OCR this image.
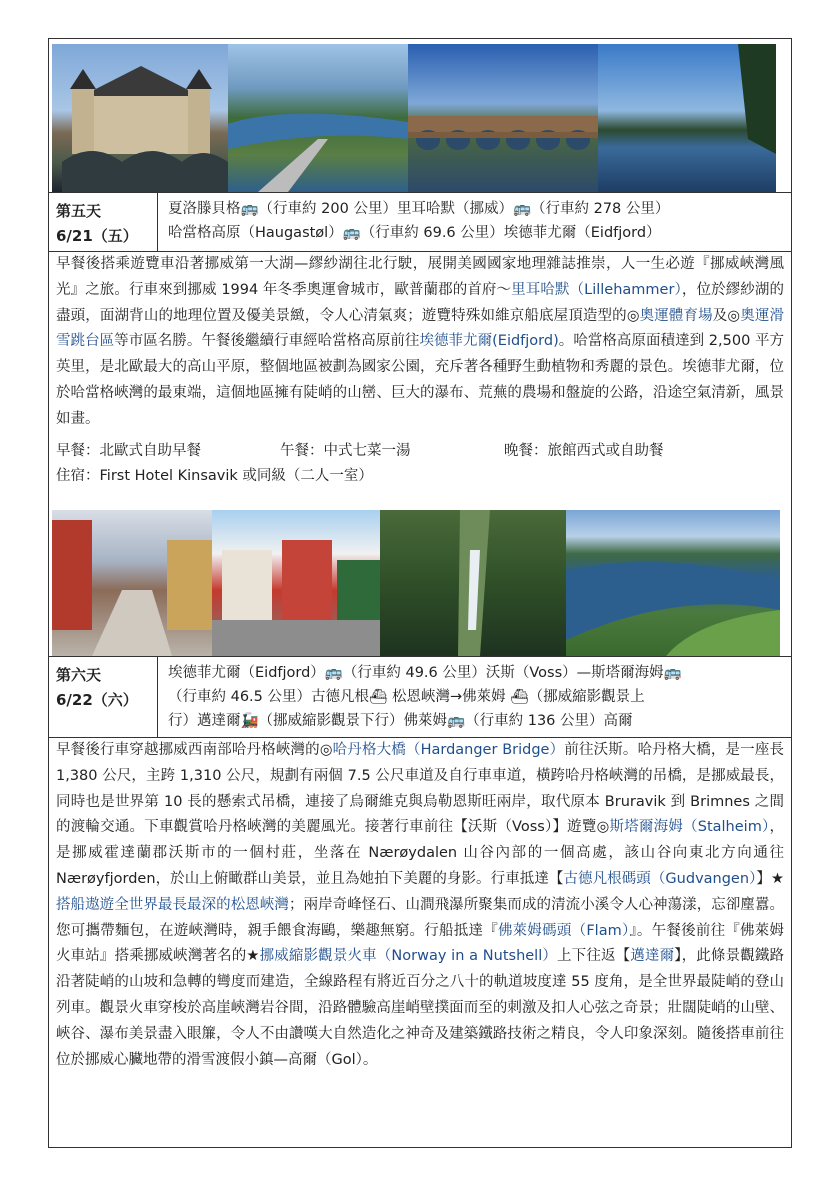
第五天
6/21（五）
夏洛滕貝格🚌（行車約 200 公里）里耳哈默（挪威）🚌（行車約 278 公里）
哈當格高原（Haugastøl）🚌（行車約 69.6 公里）埃德菲尤爾（Eidfjord）
早餐後搭乘遊覽車沿著挪威第一大湖—繆紗湖往北行駛，展開美國國家地理雜誌推崇，人一生必遊『挪威峽灣風光』之旅。行車來到挪威 1994 年冬季奧運會城市，歐普蘭郡的首府～里耳哈默（Lillehammer），位於繆紗湖的盡頭，面湖背山的地理位置及優美景緻，令人心清氣爽；遊覽特殊如維京船底屋頂造型的◎奧運體育場及◎奧運滑雪跳台區等市區名勝。午餐後繼續行車經哈當格高原前往埃德菲尤爾(Eidfjord)。哈當格高原面積達到 2,500 平方英里，是北歐最大的高山平原，整個地區被劃為國家公園，充斥著各種野生動植物和秀麗的景色。埃德菲尤爾，位於哈當格峽灣的最東端，這個地區擁有陡峭的山巒、巨大的瀑布、荒蕪的農場和盤旋的公路，沿途空氣清新，風景如畫。
早餐：北歐式自助早餐	午餐：中式七菜一湯	晚餐：旅館西式或自助餐
住宿：First Hotel Kinsavik 或同級（二人一室）
第六天
6/22（六）
埃德菲尤爾（Eidfjord）🚌（行車約 49.6 公里）沃斯（Voss）—斯塔爾海姆🚌
（行車約 46.5 公里）古德凡根⛴ 松恩峽灣→佛萊姆 ⛴（挪威縮影觀景上
行）邁達爾🚂（挪威縮影觀景下行）佛萊姆🚌（行車約 136 公里）高爾
早餐後行車穿越挪威西南部哈丹格峽灣的◎哈丹格大橋（Hardanger Bridge）前往沃斯。哈丹格大橋，是一座長 1,380 公尺，主跨 1,310 公尺，規劃有兩個 7.5 公尺車道及自行車車道，橫跨哈丹格峽灣的吊橋，是挪威最長，同時也是世界第 10 長的懸索式吊橋，連接了烏爾維克與烏勒恩斯旺兩岸，取代原本 Bruravik 到 Brimnes 之間的渡輪交通。下車觀賞哈丹格峽灣的美麗風光。接著行車前往【沃斯（Voss）】遊覽◎斯塔爾海姆（Stalheim），是挪威霍達蘭郡沃斯市的一個村莊，坐落在 Nærøydalen 山谷內部的一個高處，該山谷向東北方向通往 Nærøyfjorden，於山上俯瞰群山美景，並且為她拍下美麗的身影。行車抵達【古德凡根碼頭（Gudvangen）】★搭船遨遊全世界最長最深的松恩峽灣；兩岸奇峰怪石、山澗飛瀑所聚集而成的清流小溪令人心神蕩漾，忘卻塵囂。您可攜帶麵包，在遊峽灣時，親手餵食海鷗，樂趣無窮。行船抵達『佛萊姆碼頭（Flam）』。午餐後前往『佛萊姆火車站』搭乘挪威峽灣著名的★挪威縮影觀景火車（Norway in a Nutshell）上下往返【邁達爾】，此條景觀鐵路沿著陡峭的山坡和急轉的彎度而建造，全線路程有將近百分之八十的軌道坡度達 55 度角，是全世界最陡峭的登山列車。觀景火車穿梭於高崖峽灣岩谷間，沿路體驗高崖峭壁撲面而至的刺激及扣人心弦之奇景；壯闊陡峭的山壁、峽谷、瀑布美景盡入眼簾，令人不由讚嘆大自然造化之神奇及建築鐵路技術之精良，令人印象深刻。隨後搭車前往位於挪威心臟地帶的滑雪渡假小鎮—高爾（Gol）。
